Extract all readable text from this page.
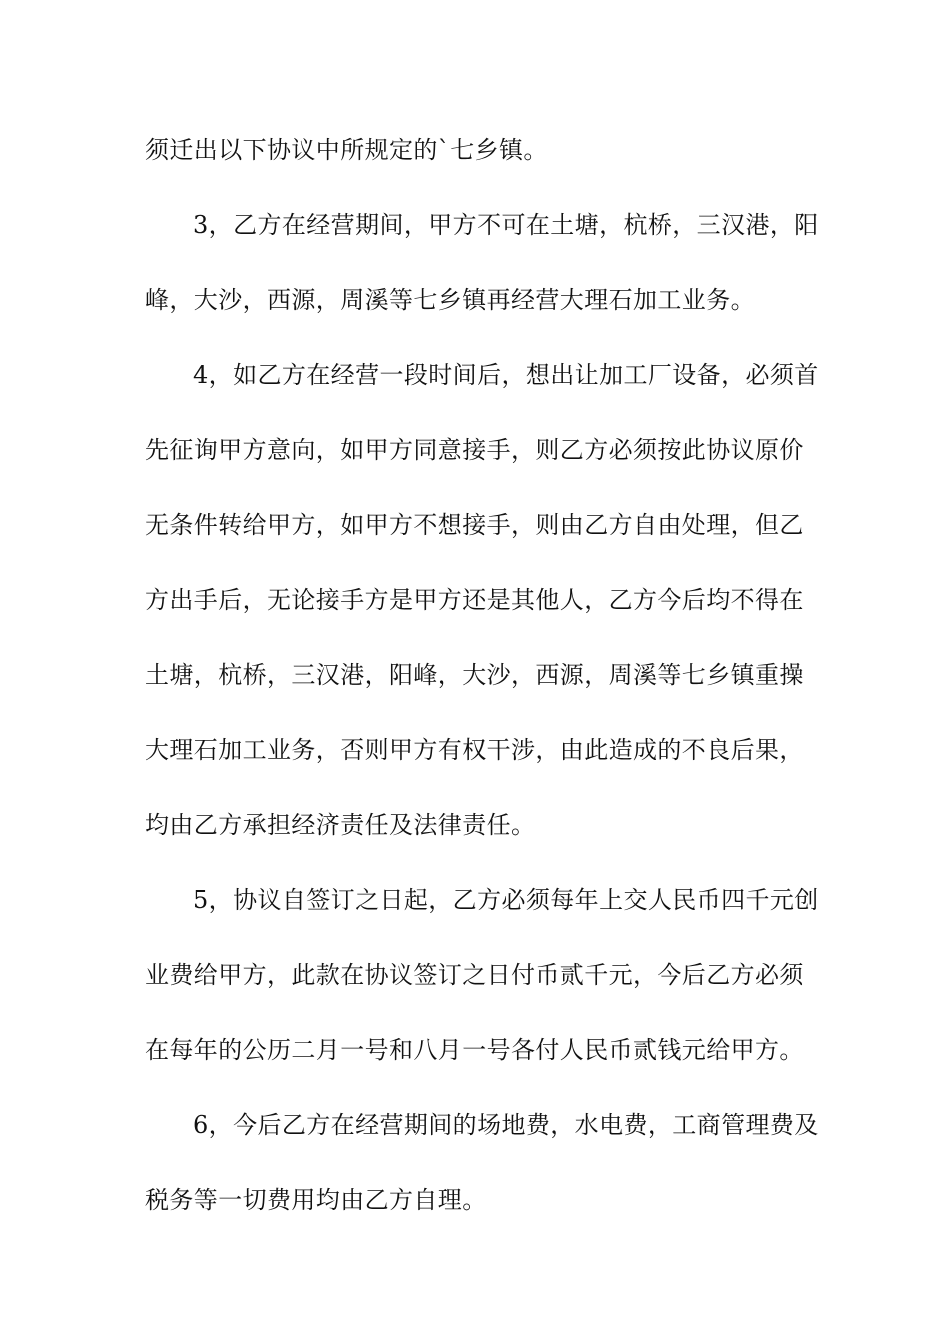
须迁出以下协议中所规定的`七乡镇。
3，乙方在经营期间，甲方不可在土塘，杭桥，三汉港，阳
峰，大沙，西源，周溪等七乡镇再经营大理石加工业务。
4，如乙方在经营一段时间后，想出让加工厂设备，必须首
先征询甲方意向，如甲方同意接手，则乙方必须按此协议原价
无条件转给甲方，如甲方不想接手，则由乙方自由处理，但乙
方出手后，无论接手方是甲方还是其他人，乙方今后均不得在
土塘，杭桥，三汉港，阳峰，大沙，西源，周溪等七乡镇重操
大理石加工业务，否则甲方有权干涉，由此造成的不良后果，
均由乙方承担经济责任及法律责任。
5，协议自签订之日起，乙方必须每年上交人民币四千元创
业费给甲方，此款在协议签订之日付币贰千元，今后乙方必须
在每年的公历二月一号和八月一号各付人民币贰钱元给甲方。
6，今后乙方在经营期间的场地费，水电费，工商管理费及
税务等一切费用均由乙方自理。
